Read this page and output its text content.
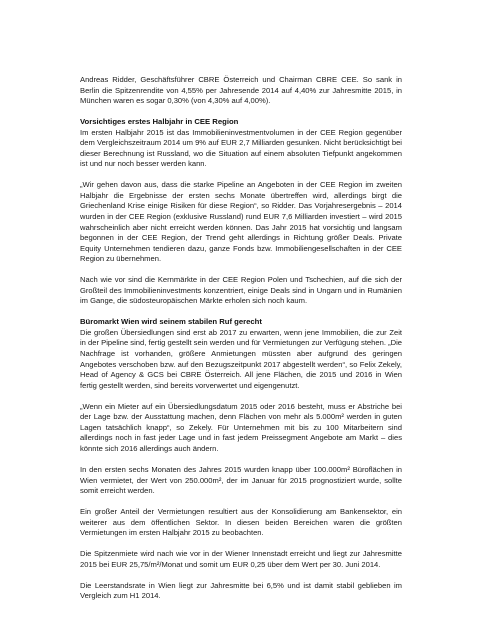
Andreas Ridder, Geschäftsführer CBRE Österreich und Chairman CBRE CEE. So sank in Berlin die Spitzenrendite von 4,55% per Jahresende 2014 auf 4,40% zur Jahresmitte 2015, in München waren es sogar 0,30% (von 4,30% auf 4,00%).

Vorsichtiges erstes Halbjahr in CEE Region

Im ersten Halbjahr 2015 ist das Immobilieninvestmentvolumen in der CEE Region gegenüber dem Vergleichszeitraum 2014 um 9% auf EUR 2,7 Milliarden gesunken. Nicht berücksichtigt bei dieser Berechnung ist Russland, wo die Situation auf einem absoluten Tiefpunkt angekommen ist und nur noch besser werden kann.

„Wir gehen davon aus, dass die starke Pipeline an Angeboten in der CEE Region im zweiten Halbjahr die Ergebnisse der ersten sechs Monate übertreffen wird, allerdings birgt die Griechenland Krise einige Risiken für diese Region“, so Ridder. Das Vorjahresergebnis – 2014 wurden in der CEE Region (exklusive Russland) rund EUR 7,6 Milliarden investiert – wird 2015 wahrscheinlich aber nicht erreicht werden können. Das Jahr 2015 hat vorsichtig und langsam begonnen in der CEE Region, der Trend geht allerdings in Richtung größer Deals. Private Equity Unternehmen tendieren dazu, ganze Fonds bzw. Immobiliengesellschaften in der CEE Region zu übernehmen.

Nach wie vor sind die Kernmärkte in der CEE Region Polen und Tschechien, auf die sich der Großteil des Immobilieninvestments konzentriert, einige Deals sind in Ungarn und in Rumänien im Gange, die südosteuropäischen Märkte erholen sich noch kaum.

Büromarkt Wien wird seinem stabilen Ruf gerecht

Die großen Übersiedlungen sind erst ab 2017 zu erwarten, wenn jene Immobilien, die zur Zeit in der Pipeline sind, fertig gestellt sein werden und für Vermietungen zur Verfügung stehen. „Die Nachfrage ist vorhanden, größere Anmietungen müssten aber aufgrund des geringen Angebotes verschoben bzw. auf den Bezugszeitpunkt 2017 abgestellt werden“, so Felix Zekely, Head of Agency & GCS bei CBRE Österreich. All jene Flächen, die 2015 und 2016 in Wien fertig gestellt werden, sind bereits vorverwertet und eigengenutzt.

„Wenn ein Mieter auf ein Übersiedlungsdatum 2015 oder 2016 besteht, muss er Abstriche bei der Lage bzw. der Ausstattung machen, denn Flächen von mehr als 5.000m² werden in guten Lagen tatsächlich knapp“, so Zekely. Für Unternehmen mit bis zu 100 Mitarbeitern sind allerdings noch in fast jeder Lage und in fast jedem Preissegment Angebote am Markt – dies könnte sich 2016 allerdings auch ändern.

In den ersten sechs Monaten des Jahres 2015 wurden knapp über 100.000m² Büroflächen in Wien vermietet, der Wert von 250.000m², der im Januar für 2015 prognostiziert wurde, sollte somit erreicht werden.

Ein großer Anteil der Vermietungen resultiert aus der Konsolidierung am Bankensektor, ein weiterer aus dem öffentlichen Sektor. In diesen beiden Bereichen waren die größten Vermietungen im ersten Halbjahr 2015 zu beobachten.

Die Spitzenmiete wird nach wie vor in der Wiener Innenstadt erreicht und liegt zur Jahresmitte 2015 bei EUR 25,75/m²/Monat und somit um EUR 0,25 über dem Wert per 30. Juni 2014.

Die Leerstandsrate in Wien liegt zur Jahresmitte bei 6,5% und ist damit stabil geblieben im Vergleich zum H1 2014.
